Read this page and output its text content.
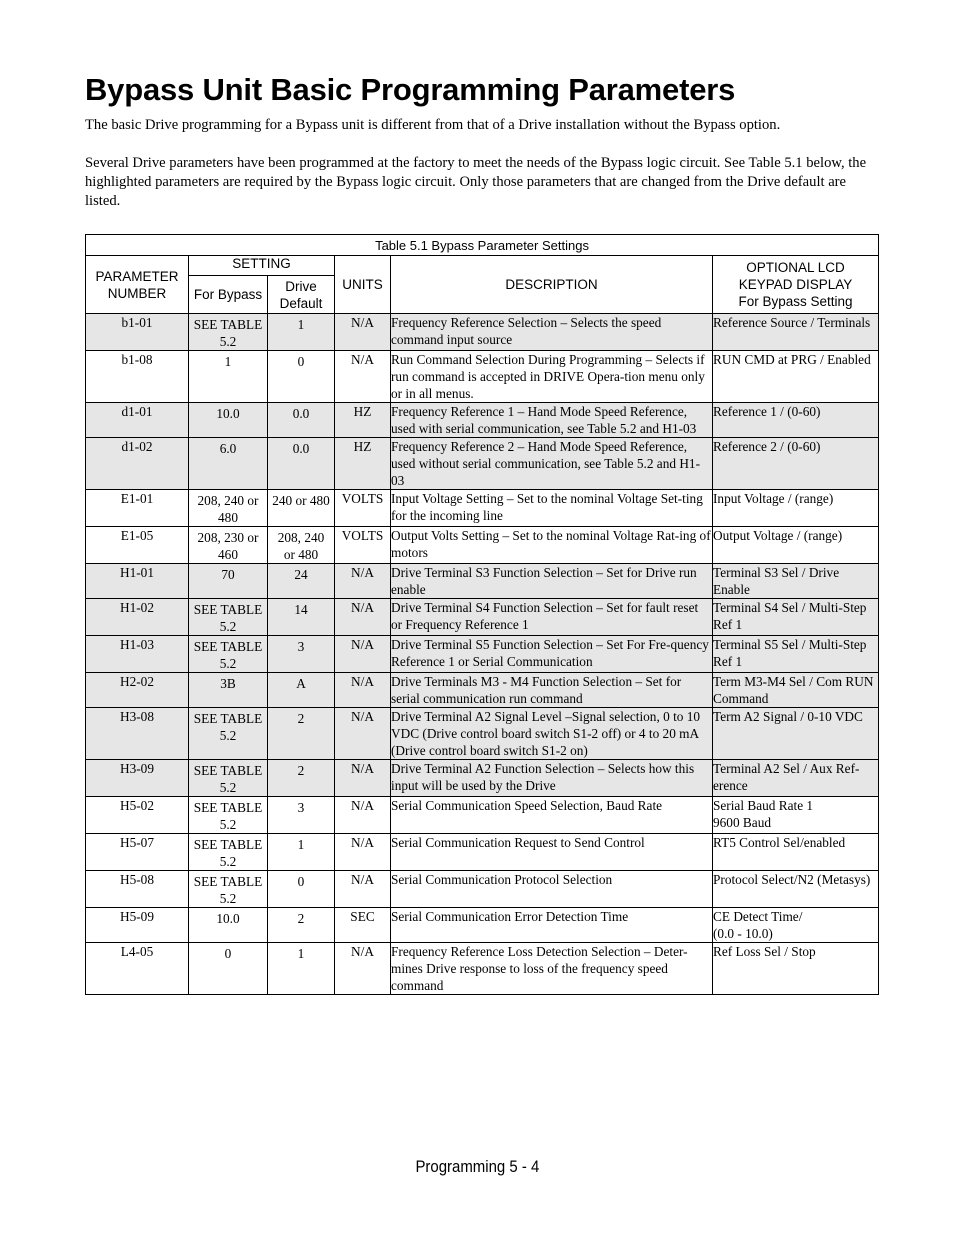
Bypass Unit Basic Programming Parameters

The basic Drive programming for a Bypass unit is different from that of a Drive installation without the Bypass option.

Several Drive parameters have been programmed at the factory to meet the needs of the Bypass logic circuit. See Table 5.1 below, the highlighted parameters are required by the Bypass logic circuit. Only those parameters that are changed from the Drive default are listed.

Table 5.1 Bypass Parameter Settings					
PARAMETER NUMBER	SETTING		UNITS	DESCRIPTION	OPTIONAL LCD
KEYPAD DISPLAY
For Bypass Setting

	For Bypass	Drive Default			
b1-01	SEE TABLE 5.2	1	N/A	Frequency Reference Selection – Selects the speed command input source	Reference Source / Terminals
b1-08	1	0	N/A	Run Command Selection During Programming – Selects if run command is accepted in DRIVE Opera-tion menu only or in all menus.	RUN CMD at PRG / Enabled
d1-01	10.0	0.0	HZ	Frequency Reference 1 – Hand Mode Speed Reference, used with serial communication, see Table 5.2 and H1-03	Reference 1 / (0-60)
d1-02	6.0	0.0	HZ	Frequency Reference 2 – Hand Mode Speed Reference, used without serial communication, see Table 5.2 and H1-03	Reference 2 / (0-60)
E1-01	208, 240 or 480	240 or 480	VOLTS	Input Voltage Setting – Set to the nominal Voltage Set-ting for the incoming line	Input Voltage / (range)
E1-05	208, 230 or 460	208, 240 or 480	VOLTS	Output Volts Setting – Set to the nominal Voltage Rat-ing of motors	Output Voltage / (range)
H1-01	70	24	N/A	Drive Terminal S3 Function Selection – Set for Drive run enable	Terminal S3 Sel / Drive Enable
H1-02	SEE TABLE 5.2	14	N/A	Drive Terminal S4 Function Selection – Set for fault reset or Frequency Reference 1	Terminal S4 Sel / Multi-Step Ref 1
H1-03	SEE TABLE 5.2	3	N/A	Drive Terminal S5 Function Selection – Set For Fre-quency Reference 1 or Serial Communication	Terminal S5 Sel / Multi-Step Ref 1
H2-02	3B	A	N/A	Drive Terminals M3 - M4 Function Selection – Set for serial communication run command	Term M3-M4 Sel / Com RUN Command
H3-08	SEE TABLE 5.2	2	N/A	Drive Terminal A2 Signal Level –Signal selection, 0 to 10 VDC (Drive control board switch S1-2 off) or 4 to 20 mA (Drive control board switch S1-2 on)	Term A2 Signal / 0-10 VDC
H3-09	SEE TABLE 5.2	2	N/A	Drive Terminal A2 Function Selection – Selects how this input will be used by the Drive	Terminal A2 Sel / Aux Ref-erence
H5-02	SEE TABLE 5.2	3	N/A	Serial Communication Speed Selection, Baud Rate	Serial Baud Rate 1
9600 Baud
H5-07	SEE TABLE 5.2	1	N/A	Serial Communication Request to Send Control	RT5 Control Sel/enabled
H5-08	SEE TABLE 5.2	0	N/A	Serial Communication Protocol Selection	Protocol Select/N2 (Metasys)
H5-09	10.0	2	SEC	Serial Communication Error Detection Time	CE Detect Time/
(0.0 - 10.0)
L4-05	0	1	N/A	Frequency Reference Loss Detection Selection – Deter-mines Drive response to loss of the frequency speed command	Ref Loss Sel / Stop
Programming 5 - 4
